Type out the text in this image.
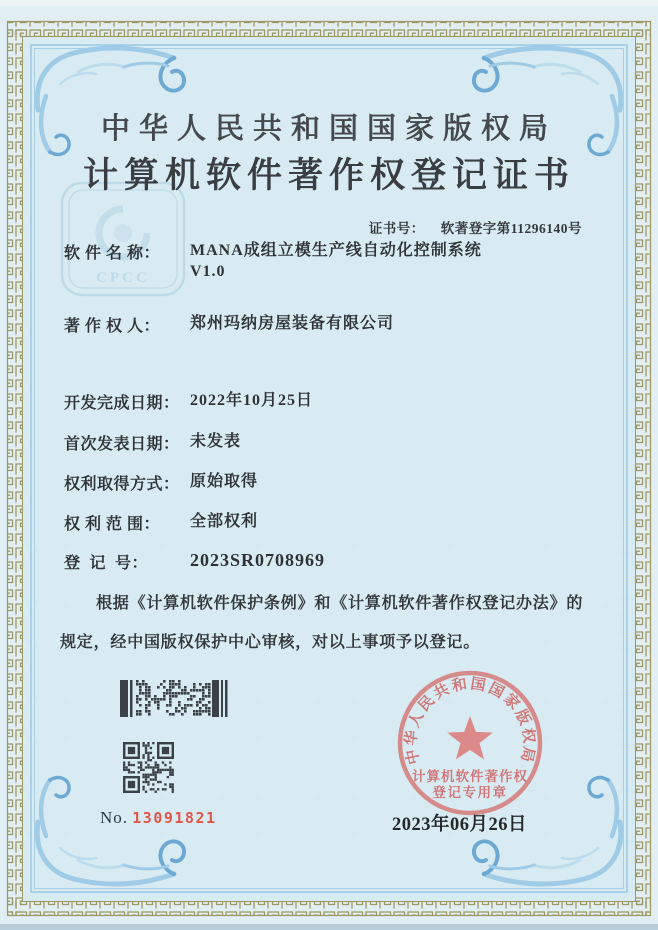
CPCC
中华人民共和国国家版权局
计算机软件著作权登记证书

证书号： 软著登字第11296140号

软 件 名 称：	MANA成组立模生产线自动化控制系统
V1.0
著 作 权 人：	郑州玛纳房屋装备有限公司
开发完成日期： 2022年10月25日
首次发表日期： 未发表
权利取得方式： 原始取得
权 利 范 围：	全部权利
登  记  号：	2023SR0708969
根据《计算机软件保护条例》和《计算机软件著作权登记办法》的
规定，经中国版权保护中心审核，对以上事项予以登记。
No. 13091821
中华人民共和国国家版权局
计算机软件著作权
登记专用章
2023年06月26日
